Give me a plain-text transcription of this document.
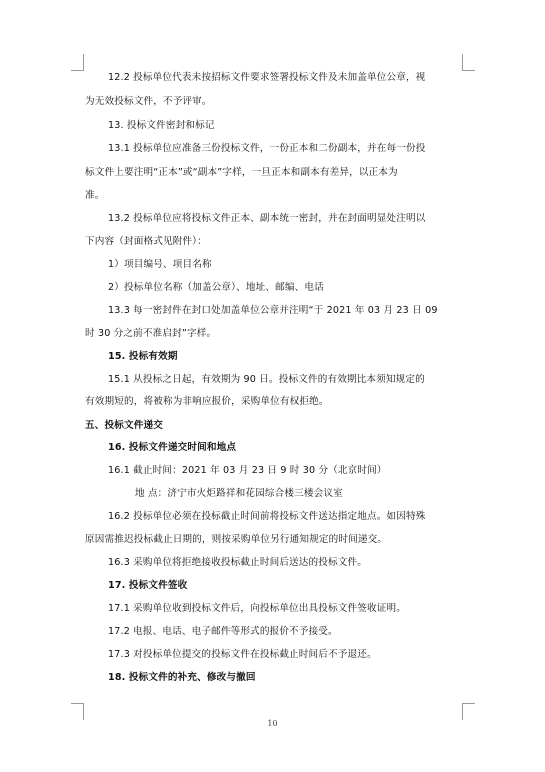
12.2 投标单位代表未按招标文件要求签署投标文件及未加盖单位公章，视
为无效投标文件，不予评审。
13. 投标文件密封和标记
13.1 投标单位应准备三份投标文件，一份正本和二份副本，并在每一份投
标文件上要注明“正本”或“副本”字样，一旦正本和副本有差异，以正本为
准。
13.2 投标单位应将投标文件正本、副本统一密封，并在封面明显处注明以
下内容（封面格式见附件）：
1）项目编号、项目名称
2）投标单位名称（加盖公章）、地址、邮编、电话
13.3 每一密封件在封口处加盖单位公章并注明“于 2021 年 03 月 23 日 09
时 30 分之前不准启封”字样。
15. 投标有效期
15.1 从投标之日起，有效期为 90 日。投标文件的有效期比本须知规定的
有效期短的，将被称为非响应报价，采购单位有权拒绝。
五、投标文件递交
16. 投标文件递交时间和地点
16.1 截止时间：2021 年 03 月 23 日 9 时 30 分（北京时间）
地 点：济宁市火炬路祥和花园综合楼三楼会议室
16.2 投标单位必须在投标截止时间前将投标文件送达指定地点。如因特殊
原因需推迟投标截止日期的，则按采购单位另行通知规定的时间递交。
16.3 采购单位将拒绝接收投标截止时间后送达的投标文件。
17. 投标文件签收
17.1 采购单位收到投标文件后，向投标单位出具投标文件签收证明。
17.2 电报、电话、电子邮件等形式的报价不予接受。
17.3 对投标单位提交的投标文件在投标截止时间后不予退还。
18. 投标文件的补充、修改与撤回
10
